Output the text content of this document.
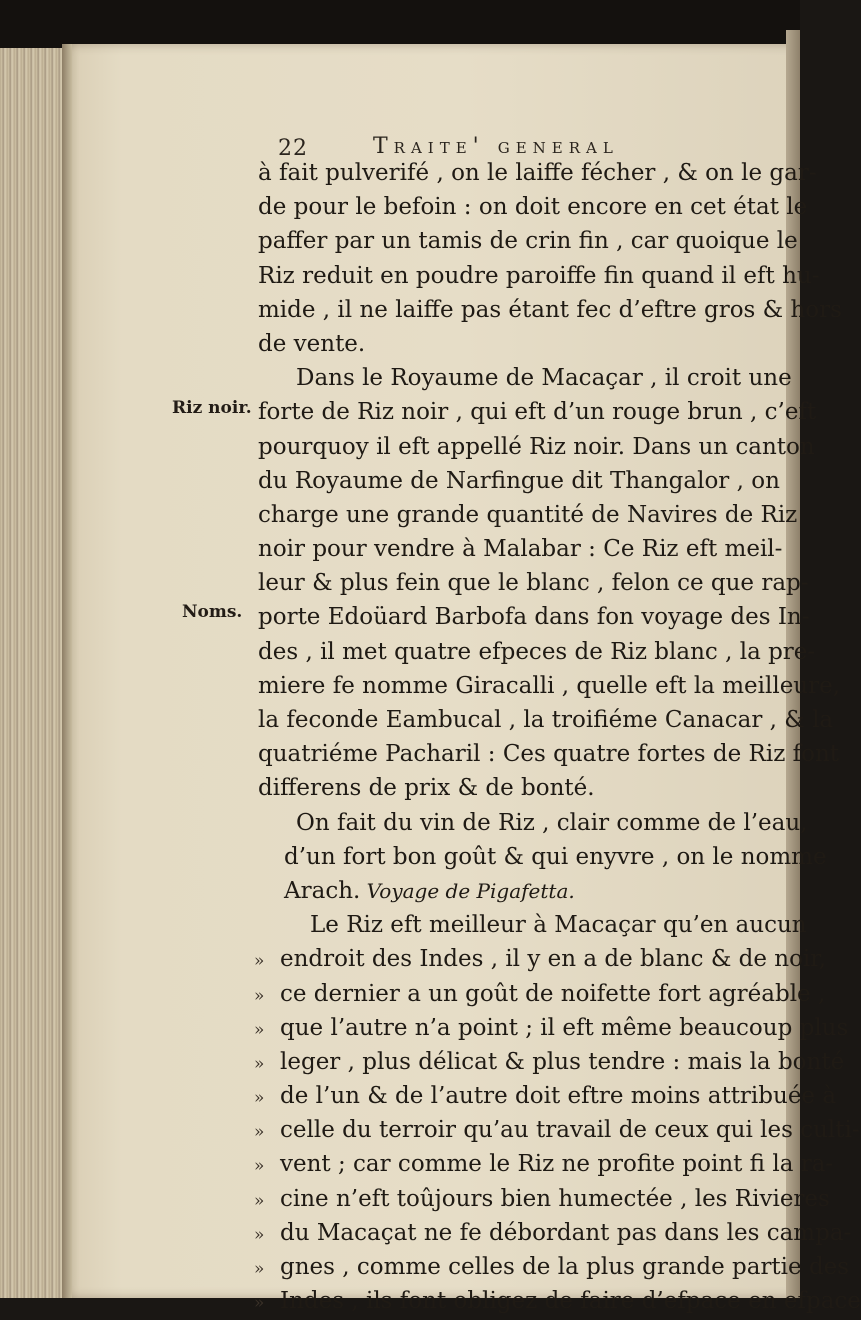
22	Traite' general
Riz noir.
Noms.
à fait pulverifé , on le laiffe fécher , & on le gar-
de pour le befoin : on doit encore en cet état le
paffer par un tamis de crin fin , car quoique le
Riz reduit en poudre paroiffe fin quand il eft hu-
mide , il ne laiffe pas étant fec d’eftre gros & hors
de vente.
Dans le Royaume de Macaçar , il croit une
forte de Riz noir , qui eft d’un rouge brun , c’eft
pourquoy il eft appellé Riz noir. Dans un canton
du Royaume de Narfingue dit Thangalor , on
charge une grande quantité de Navires de Riz
noir pour vendre à Malabar : Ce Riz eft meil-
leur & plus fein que le blanc , felon ce que rap-
porte Edoüard Barbofa dans fon voyage des In-
des , il met quatre efpeces de Riz blanc , la pre-
miere fe nomme Giracalli , quelle eft la meilleure,
la feconde Eambucal , la troifiéme Canacar , & la
quatriéme Pacharil : Ces quatre fortes de Riz font
differens de prix & de bonté.
On fait du vin de Riz , clair comme de l’eau,
d’un fort bon goût & qui enyvre , on le nomme
Arach. Voyage de Pigafetta.
Le Riz eft meilleur à Macaçar qu’en aucun
» endroit des Indes , il y en a de blanc & de noir,
» ce dernier a un goût de noifette fort agréable ,
» que l’autre n’a point ; il eft même beaucoup plus
» leger , plus délicat & plus tendre : mais la bonté
» de l’un & de l’autre doit eftre moins attribuée à
» celle du terroir qu’au travail de ceux qui les culti-
» vent ; car comme le Riz ne profite point fi la ra-
» cine n’eft toûjours bien humectée , les Rivieres
» du Macaçat ne fe débordant pas dans les campa-
» gnes , comme celles de la plus grande partie des
» Indes , ils font obligez de faire d’efpace en efpace
